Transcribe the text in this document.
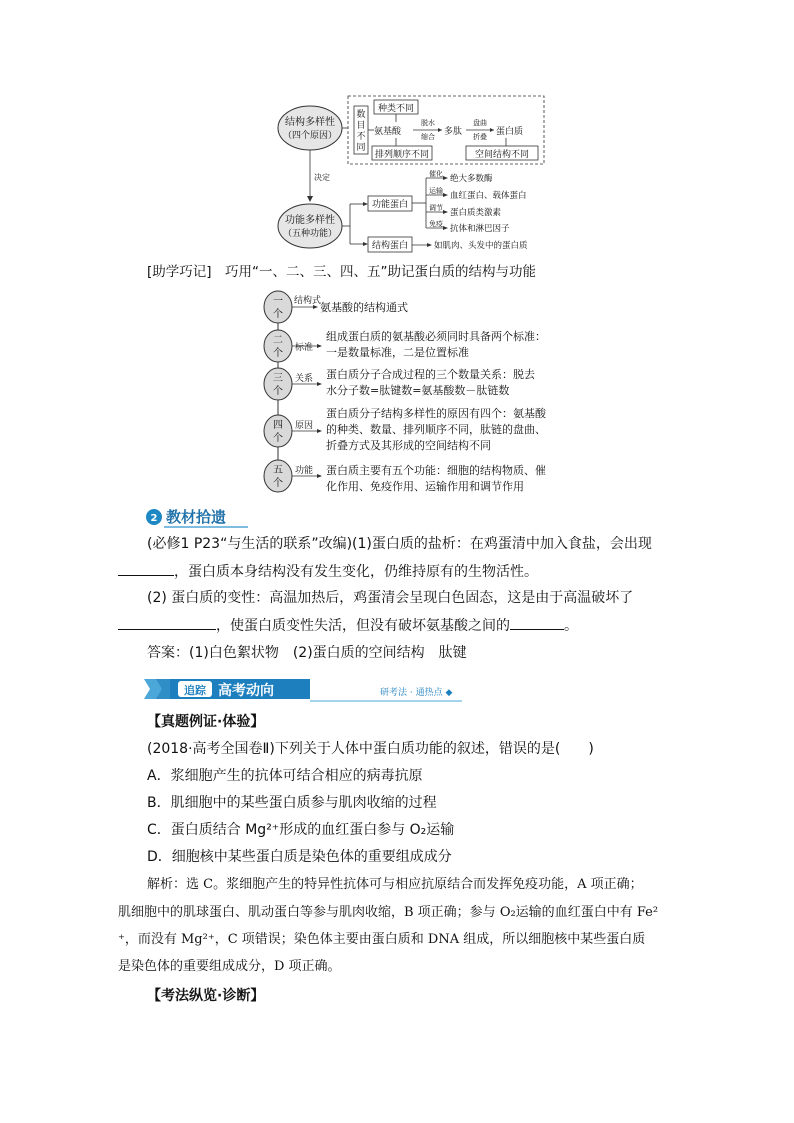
结构多样性
（四个原因）
数
目
不
同
种类不同
氨基酸
脱水
缩合 多肽
盘曲
折叠 蛋白质
排列顺序不同	空间结构不同
决定
功能多样性
（五种功能）
功能蛋白
结构蛋白
催化 绝大多数酶
运输 血红蛋白、载体蛋白
调节 蛋白质类激素
免疫 抗体和淋巴因子
如肌肉、头发中的蛋白质
[助学巧记]　巧用“一、二、三、四、五”助记蛋白质的结构与功能
一
个
结构式
氨基酸的结构通式
二
个 标准
组成蛋白质的氨基酸必须同时具备两个标准：
一是数量标准，二是位置标准
三
个
关系 蛋白质分子合成过程的三个数量关系：脱去
水分子数=肽键数=氨基酸数－肽链数
四
个
原因
蛋白质分子结构多样性的原因有四个：氨基酸
的种类、数量、排列顺序不同，肽链的盘曲、
折叠方式及其形成的空间结构不同
五
个
功能 蛋白质主要有五个功能：细胞的结构物质、催
化作用、免疫作用、运输作用和调节作用
2 教材拾遗
(必修1 P23“与生活的联系”改编)(1)蛋白质的盐析：在鸡蛋清中加入食盐，会出现
，蛋白质本身结构没有发生变化，仍维持原有的生物活性。
(2) 蛋白质的变性：高温加热后，鸡蛋清会呈现白色固态，这是由于高温破坏了
，使蛋白质变性失活，但没有破坏氨基酸之间的	。
答案：(1)白色絮状物　(2)蛋白质的空间结构　肽键
追踪 高考动向	研考法 · 通热点 ◆
【真题例证·体验】
(2018·高考全国卷Ⅱ)下列关于人体中蛋白质功能的叙述，错误的是(　　)
A．浆细胞产生的抗体可结合相应的病毒抗原
B．肌细胞中的某些蛋白质参与肌肉收缩的过程
C．蛋白质结合 Mg²⁺形成的血红蛋白参与 O₂运输
D．细胞核中某些蛋白质是染色体的重要组成成分
解析：选 C。浆细胞产生的特异性抗体可与相应抗原结合而发挥免疫功能，A 项正确；
肌细胞中的肌球蛋白、肌动蛋白等参与肌肉收缩，B 项正确；参与 O₂运输的血红蛋白中有 Fe²
⁺，而没有 Mg²⁺，C 项错误；染色体主要由蛋白质和 DNA 组成，所以细胞核中某些蛋白质
是染色体的重要组成成分，D 项正确。
【考法纵览·诊断】
